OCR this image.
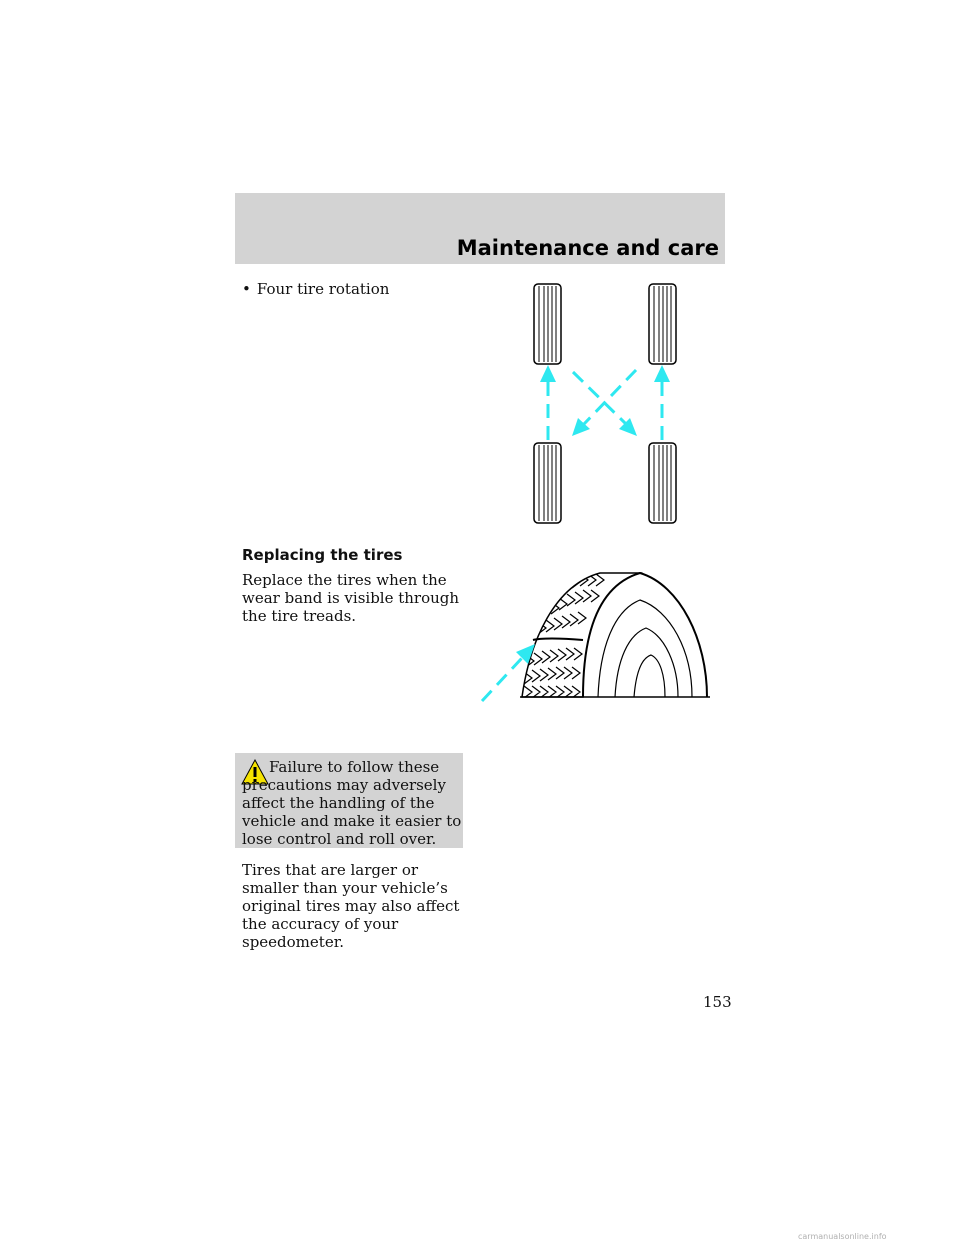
Maintenance and care
• Four tire rotation
Replacing the tires
Replace the tires when the wear band is visible through the tire treads.
Failure to follow these precautions may adversely affect the handling of the vehicle and make it easier to lose control and roll over.
Tires that are larger or smaller than your vehicle’s original tires may also affect the accuracy of your speedometer.
153
carmanualsonline.info
